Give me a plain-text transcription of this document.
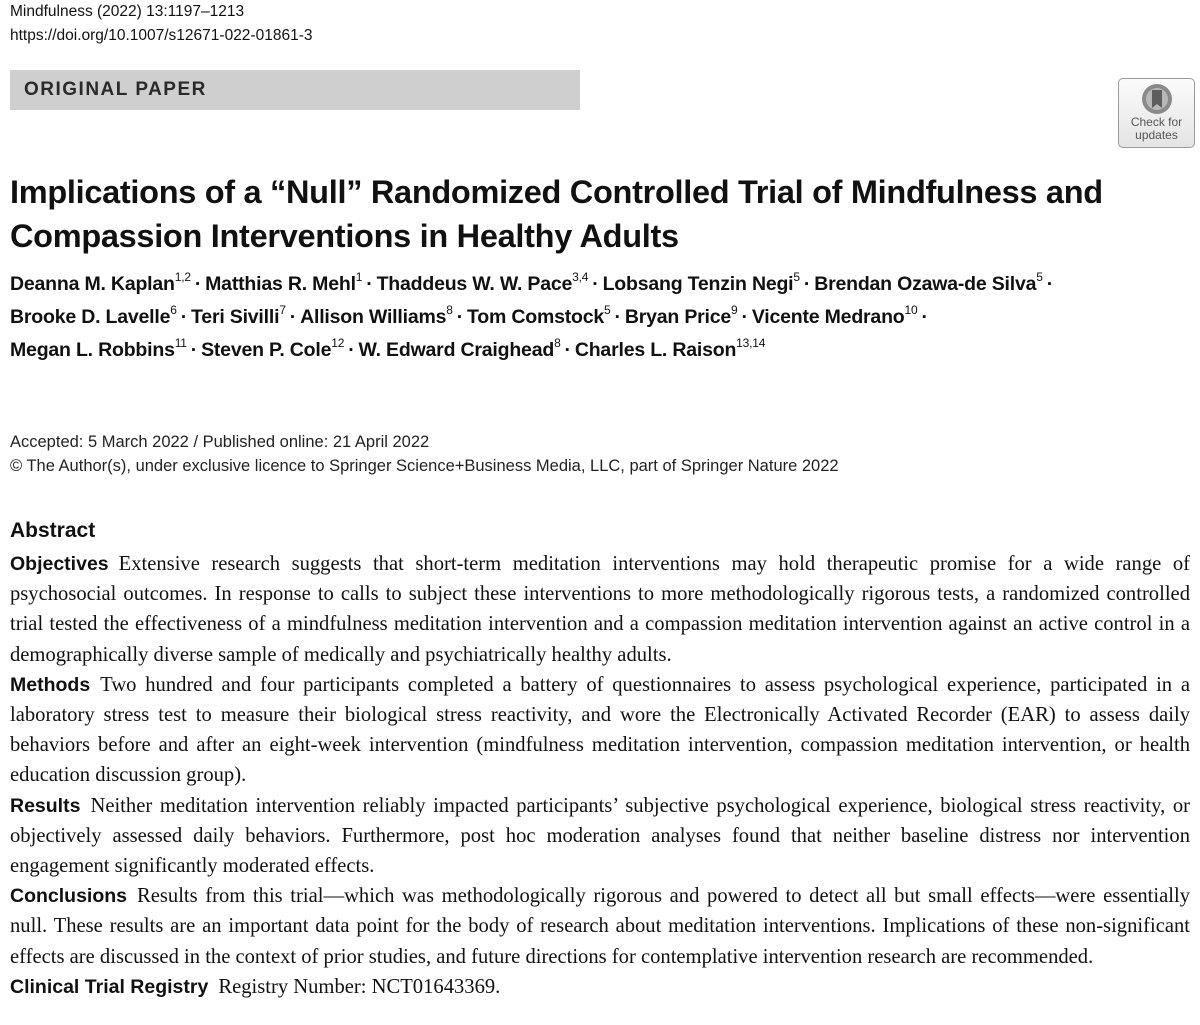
Mindfulness (2022) 13:1197–1213
https://doi.org/10.1007/s12671-022-01861-3
ORIGINAL PAPER
Check for
updates
Implications of a “Null” Randomized Controlled Trial of Mindfulness and Compassion Interventions in Healthy Adults
Deanna M. Kaplan$^{1,2}$ · Matthias R. Mehl$^1$ · Thaddeus W. W. Pace$^{3,4}$ · Lobsang Tenzin Negi$^5$ · Brendan Ozawa-de Silva$^5$ ·
Brooke D. Lavelle$^6$ · Teri Sivilli$^7$ · Allison Williams$^8$ · Tom Comstock$^5$ · Bryan Price$^9$ · Vicente Medrano$^{10}$ ·
Megan L. Robbins$^{11}$ · Steven P. Cole$^{12}$ · W. Edward Craighead$^8$ · Charles L. Raison$^{13,14}$
Accepted: 5 March 2022 / Published online: 21 April 2022
© The Author(s), under exclusive licence to Springer Science+Business Media, LLC, part of Springer Nature 2022
Abstract

Objectives Extensive research suggests that short-term meditation interventions may hold therapeutic promise for a wide range of psychosocial outcomes. In response to calls to subject these interventions to more methodologically rigorous tests, a randomized controlled trial tested the effectiveness of a mindfulness meditation intervention and a compassion meditation intervention against an active control in a demographically diverse sample of medically and psychiatrically healthy adults.

Methods Two hundred and four participants completed a battery of questionnaires to assess psychological experience, participated in a laboratory stress test to measure their biological stress reactivity, and wore the Electronically Activated Recorder (EAR) to assess daily behaviors before and after an eight-week intervention (mindfulness meditation intervention, compassion meditation intervention, or health education discussion group).

Results Neither meditation intervention reliably impacted participants’ subjective psychological experience, biological stress reactivity, or objectively assessed daily behaviors. Furthermore, post hoc moderation analyses found that neither baseline distress nor intervention engagement significantly moderated effects.

Conclusions Results from this trial—which was methodologically rigorous and powered to detect all but small effects—were essentially null. These results are an important data point for the body of research about meditation interventions. Implications of these non-significant effects are discussed in the context of prior studies, and future directions for contemplative intervention research are recommended.

Clinical Trial Registry Registry Number: NCT01643369.
